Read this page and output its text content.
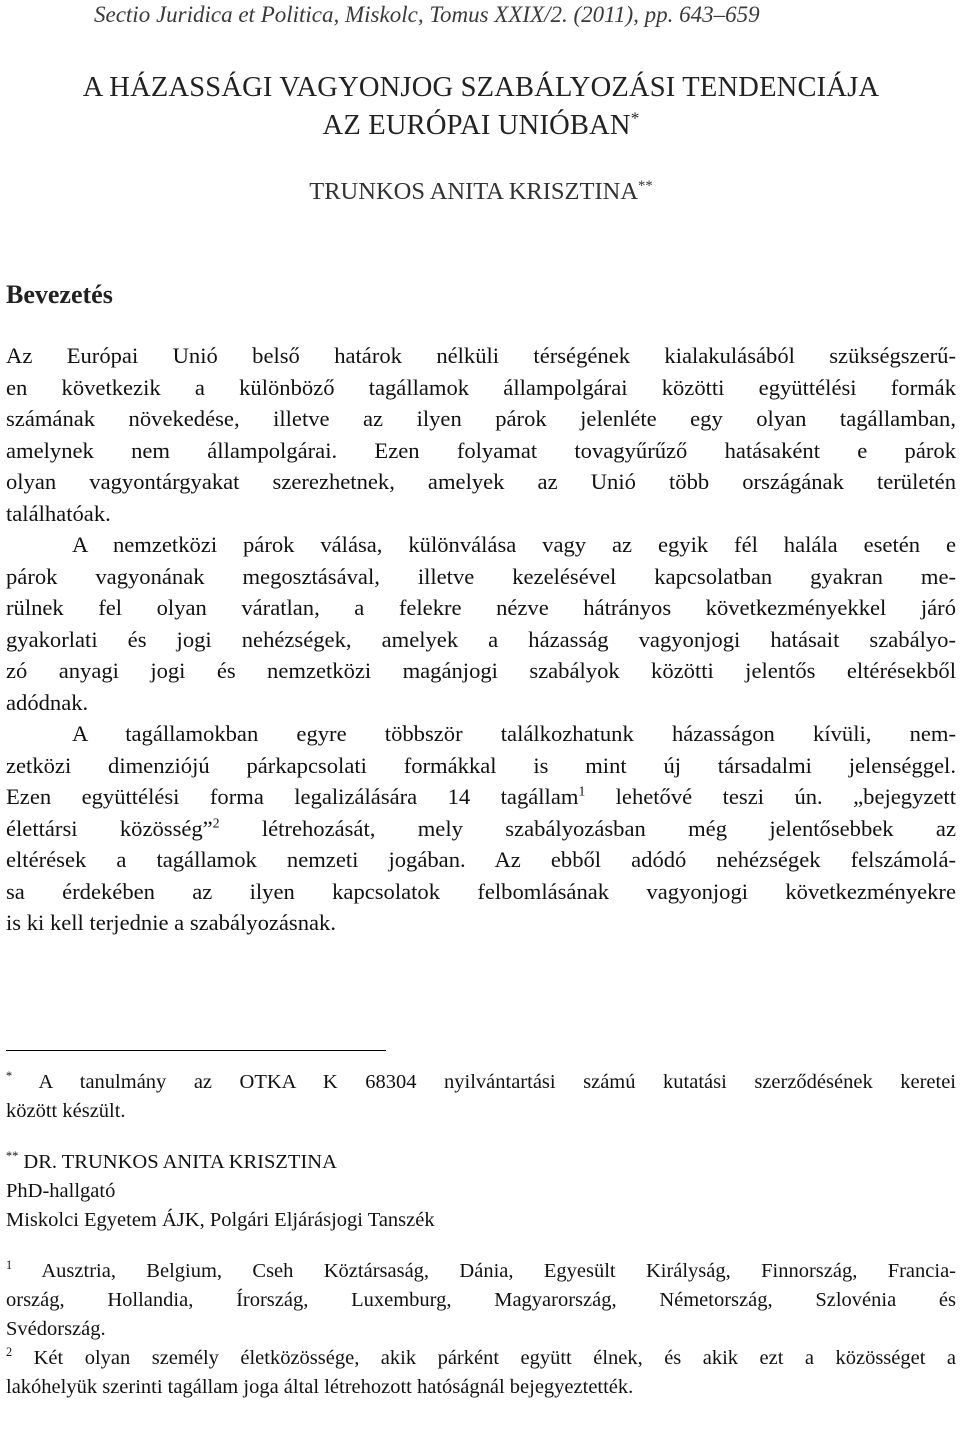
Sectio Juridica et Politica, Miskolc, Tomus XXIX/2. (2011), pp. 643–659
A HÁZASSÁGI VAGYONJOG SZABÁLYOZÁSI TENDENCIÁJA
AZ EURÓPAI UNIÓBAN*
TRUNKOS ANITA KRISZTINA**
Bevezetés

Az Európai Unió belső határok nélküli térségének kialakulásából szükségszerű-
en következik a különböző tagállamok állampolgárai közötti együttélési formák
számának növekedése, illetve az ilyen párok jelenléte egy olyan tagállamban,
amelynek nem állampolgárai. Ezen folyamat tovagyűrűző hatásaként e párok
olyan vagyontárgyakat szerezhetnek, amelyek az Unió több országának területén
találhatóak.

A nemzetközi párok válása, különválása vagy az egyik fél halála esetén e
párok vagyonának megosztásával, illetve kezelésével kapcsolatban gyakran me-
rülnek fel olyan váratlan, a felekre nézve hátrányos következményekkel járó
gyakorlati és jogi nehézségek, amelyek a házasság vagyonjogi hatásait szabályo-
zó anyagi jogi és nemzetközi magánjogi szabályok közötti jelentős eltérésekből
adódnak.

A tagállamokban egyre többször találkozhatunk házasságon kívüli, nem-
zetközi dimenziójú párkapcsolati formákkal is mint új társadalmi jelenséggel.
Ezen együttélési forma legalizálására 14 tagállam$^1$ lehetővé teszi ún. „bejegyzett
élettársi közösség”$^2$ létrehozását, mely szabályozásban még jelentősebbek az
eltérések a tagállamok nemzeti jogában. Az ebből adódó nehézségek felszámolá-
sa érdekében az ilyen kapcsolatok felbomlásának vagyonjogi következményekre
is ki kell terjednie a szabályozásnak.

* A tanulmány az OTKA K 68304 nyilvántartási számú kutatási szerződésének keretei
között készült.
** DR. TRUNKOS ANITA KRISZTINA
PhD-hallgató
Miskolci Egyetem ÁJK, Polgári Eljárásjogi Tanszék
$^1$ Ausztria, Belgium, Cseh Köztársaság, Dánia, Egyesült Királyság, Finnország, Francia-
ország, Hollandia, Írország, Luxemburg, Magyarország, Németország, Szlovénia és
Svédország.
$^2$ Két olyan személy életközössége, akik párként együtt élnek, és akik ezt a közösséget a
lakóhelyük szerinti tagállam joga által létrehozott hatóságnál bejegyeztették.
